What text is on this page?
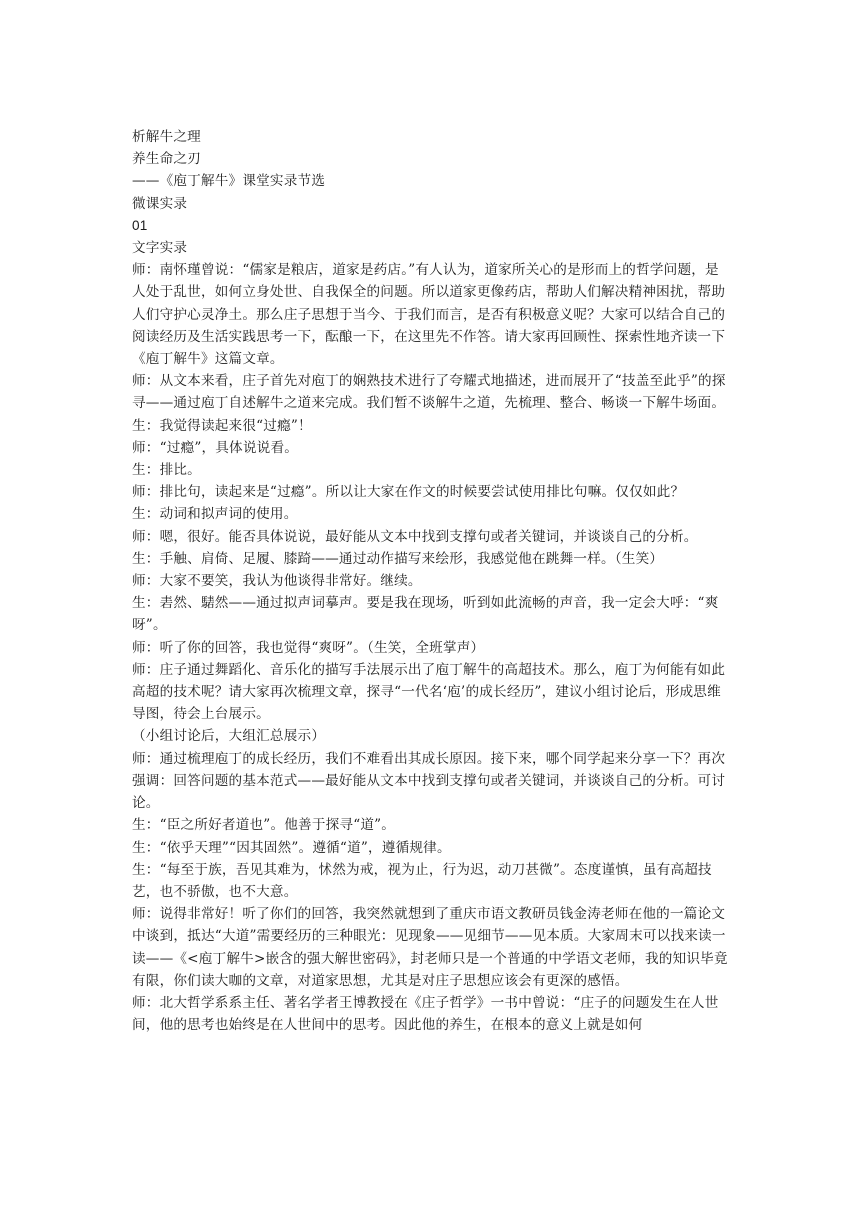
析解牛之理

养生命之刃

——《庖丁解牛》课堂实录节选

微课实录

01

文字实录

师：南怀瑾曾说：“儒家是粮店，道家是药店。”有人认为，道家所关心的是形而上的哲学问题，是人处于乱世，如何立身处世、自我保全的问题。所以道家更像药店，帮助人们解决精神困扰，帮助人们守护心灵净土。那么庄子思想于当今、于我们而言，是否有积极意义呢？大家可以结合自己的阅读经历及生活实践思考一下，酝酿一下，在这里先不作答。请大家再回顾性、探索性地齐读一下《庖丁解牛》这篇文章。

师：从文本来看，庄子首先对庖丁的娴熟技术进行了夸耀式地描述，进而展开了“技盖至此乎”的探寻——通过庖丁自述解牛之道来完成。我们暂不谈解牛之道，先梳理、整合、畅谈一下解牛场面。

生：我觉得读起来很“过瘾”！

师：“过瘾”，具体说说看。

生：排比。

师：排比句，读起来是“过瘾”。所以让大家在作文的时候要尝试使用排比句嘛。仅仅如此？

生：动词和拟声词的使用。

师：嗯，很好。能否具体说说，最好能从文本中找到支撑句或者关键词，并谈谈自己的分析。

生：手触、肩倚、足履、膝踦——通过动作描写来绘形，我感觉他在跳舞一样。（生笑）

师：大家不要笑，我认为他谈得非常好。继续。

生：砉然、騞然——通过拟声词摹声。要是我在现场，听到如此流畅的声音，我一定会大呼：“爽呀”。

师：听了你的回答，我也觉得“爽呀”。（生笑，全班掌声）

师：庄子通过舞蹈化、音乐化的描写手法展示出了庖丁解牛的高超技术。那么，庖丁为何能有如此高超的技术呢？请大家再次梳理文章，探寻“一代名‘庖’的成长经历”，建议小组讨论后，形成思维导图，待会上台展示。

（小组讨论后，大组汇总展示）

师：通过梳理庖丁的成长经历，我们不难看出其成长原因。接下来，哪个同学起来分享一下？再次强调：回答问题的基本范式——最好能从文本中找到支撑句或者关键词，并谈谈自己的分析。可讨论。

生：“臣之所好者道也”。他善于探寻“道”。

生：“依乎天理”“因其固然”。遵循“道”，遵循规律。

生：“每至于族，吾见其难为，怵然为戒，视为止，行为迟，动刀甚微”。态度谨慎，虽有高超技艺，也不骄傲，也不大意。

师：说得非常好！听了你们的回答，我突然就想到了重庆市语文教研员钱金涛老师在他的一篇论文中谈到，抵达“大道”需要经历的三种眼光：见现象——见细节——见本质。大家周末可以找来读一读——《<庖丁解牛>嵌含的强大解世密码》，封老师只是一个普通的中学语文老师，我的知识毕竟有限，你们读大咖的文章，对道家思想，尤其是对庄子思想应该会有更深的感悟。

师：北大哲学系系主任、著名学者王博教授在《庄子哲学》一书中曾说：“庄子的问题发生在人世间，他的思考也始终是在人世间中的思考。因此他的养生，在根本的意义上就是如何
